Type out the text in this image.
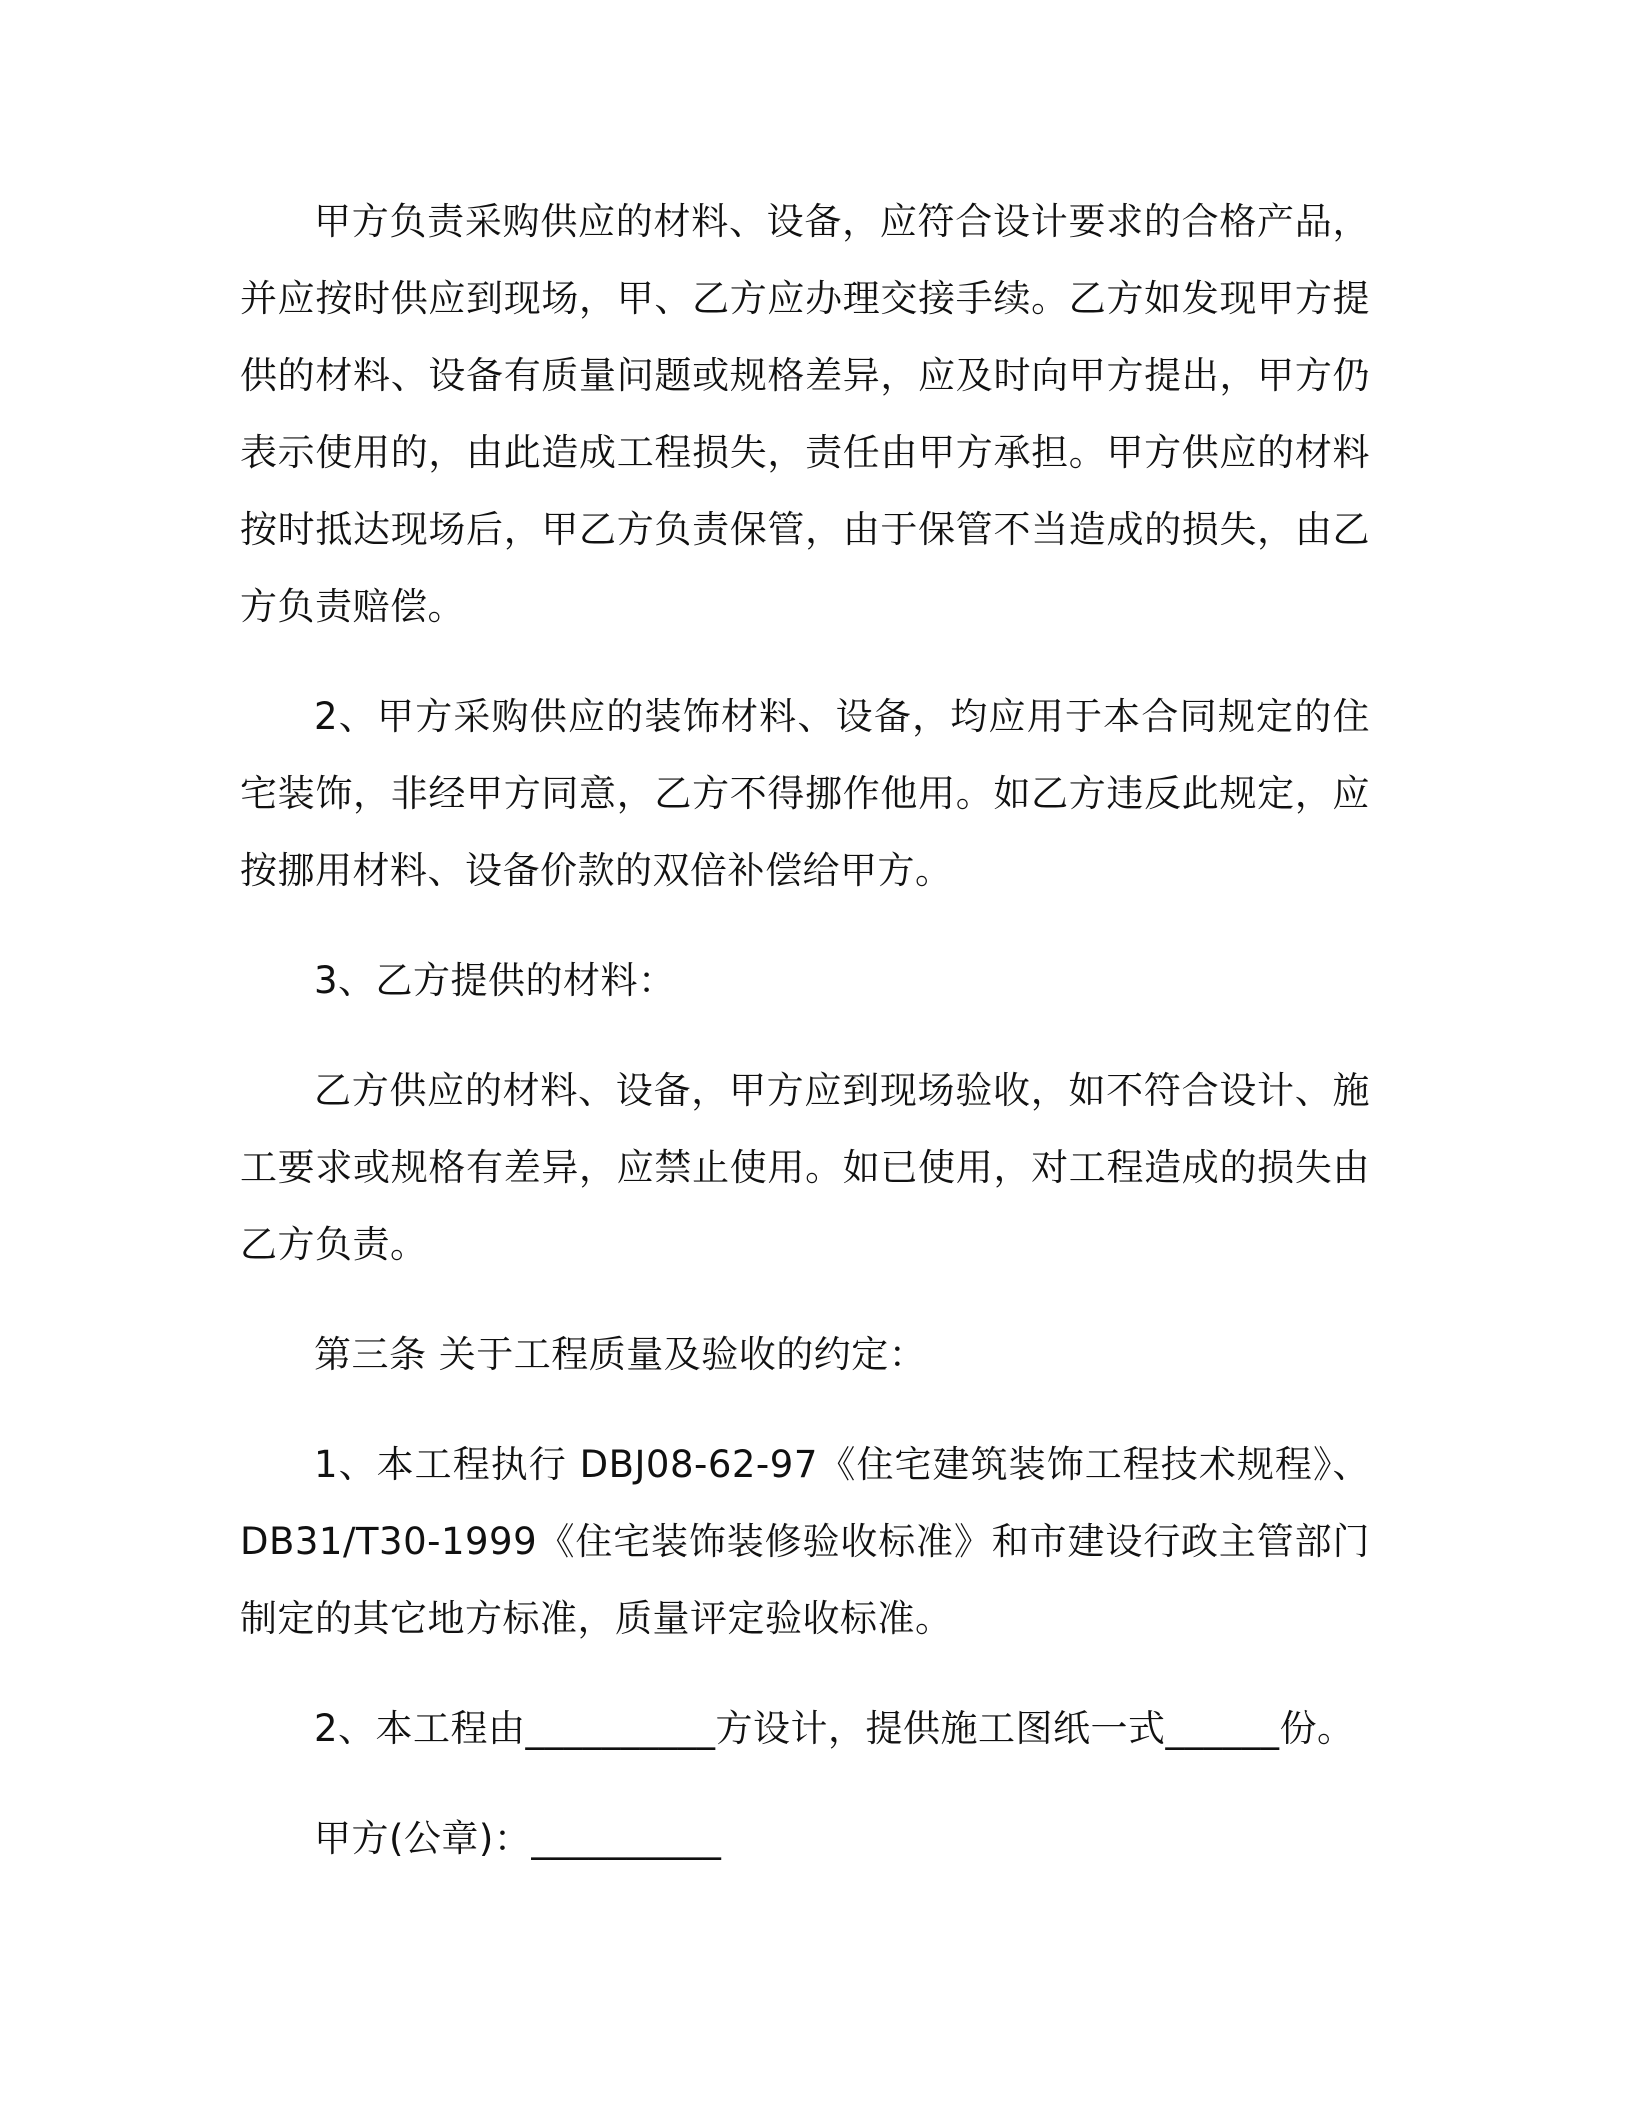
甲方负责采购供应的材料、设备，应符合设计要求的合格产品，并应按时供应到现场，甲、乙方应办理交接手续。乙方如发现甲方提供的材料、设备有质量问题或规格差异，应及时向甲方提出，甲方仍表示使用的，由此造成工程损失，责任由甲方承担。甲方供应的材料按时抵达现场后，甲乙方负责保管，由于保管不当造成的损失，由乙方负责赔偿。

2、甲方采购供应的装饰材料、设备，均应用于本合同规定的住宅装饰，非经甲方同意，乙方不得挪作他用。如乙方违反此规定，应按挪用材料、设备价款的双倍补偿给甲方。

3、乙方提供的材料：

乙方供应的材料、设备，甲方应到现场验收，如不符合设计、施工要求或规格有差异，应禁止使用。如已使用，对工程造成的损失由乙方负责。

第三条 关于工程质量及验收的约定：

1、本工程执行 DBJ08-62-97《住宅建筑装饰工程技术规程》、DB31/T30-1999《住宅装饰装修验收标准》和市建设行政主管部门制定的其它地方标准，质量评定验收标准。

2、本工程由__________方设计，提供施工图纸一式______份。

甲方(公章)：__________
